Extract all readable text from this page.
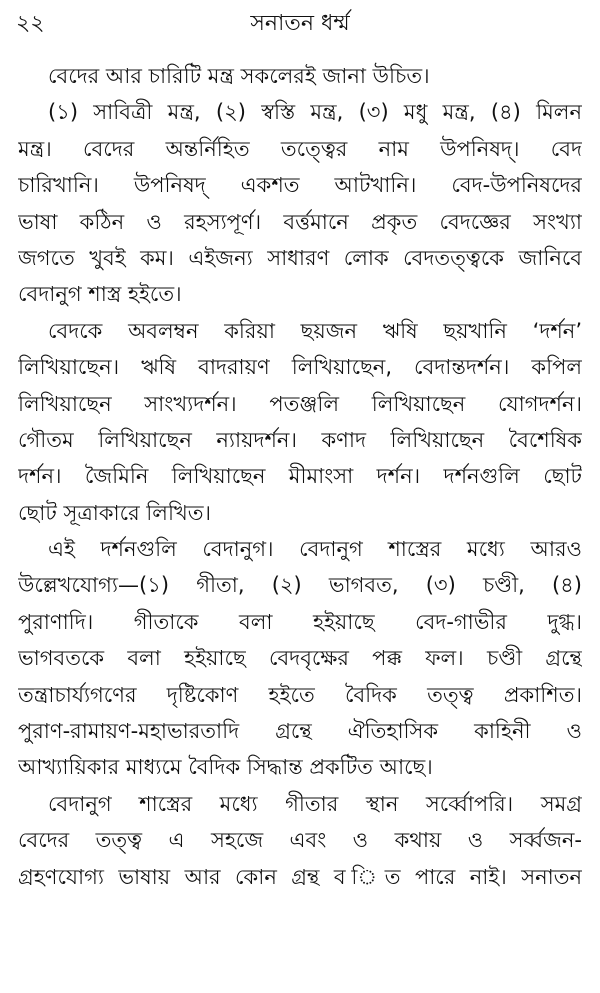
২২	সনাতন ধর্ম্ম
বেদের আর চারিটি মন্ত্র সকলেরই জানা উচিত।
(১) সাবিত্রী মন্ত্র, (২) স্বস্তি মন্ত্র, (৩) মধু মন্ত্র, (৪) মিলন
মন্ত্র। বেদের অন্তর্নিহিত তত্ত্বের নাম উপনিষদ্। বেদ
চারিখানি। উপনিষদ্ একশত আটখানি। বেদ-উপনিষদের
ভাষা কঠিন ও রহস্যপূর্ণ। বর্ত্তমানে প্রকৃত বেদজ্ঞের সংখ্যা
জগতে খুবই কম। এইজন্য সাধারণ লোক বেদতত্ত্বকে জানিবে
বেদানুগ শাস্ত্র হইতে।
বেদকে অবলম্বন করিয়া ছয়জন ঋষি ছয়খানি ‘দর্শন’
লিখিয়াছেন। ঋষি বাদরায়ণ লিখিয়াছেন, বেদান্তদর্শন। কপিল
লিখিয়াছেন সাংখ্যদর্শন। পতঞ্জলি লিখিয়াছেন যোগদর্শন।
গৌতম লিখিয়াছেন ন্যায়দর্শন। কণাদ লিখিয়াছেন বৈশেষিক
দর্শন। জৈমিনি লিখিয়াছেন মীমাংসা দর্শন। দর্শনগুলি ছোট
ছোট সূত্রাকারে লিখিত।
এই দর্শনগুলি বেদানুগ। বেদানুগ শাস্ত্রের মধ্যে আরও
উল্লেখযোগ্য—(১) গীতা, (২) ভাগবত, (৩) চণ্ডী, (৪)
পুরাণাদি। গীতাকে বলা হইয়াছে বেদ-গাভীর দুগ্ধ।
ভাগবতকে বলা হইয়াছে বেদবৃক্ষের পক্ক ফল। চণ্ডী গ্রন্থে
তন্ত্রাচার্য্যগণের দৃষ্টিকোণ হইতে বৈদিক তত্ত্ব প্রকাশিত।
পুরাণ-রামায়ণ-মহাভারতাদি গ্রন্থে ঐতিহাসিক কাহিনী ও
আখ্যায়িকার মাধ্যমে বৈদিক সিদ্ধান্ত প্রকটিত আছে।
বেদানুগ শাস্ত্রের মধ্যে গীতার স্থান সর্ব্বোপরি। সমগ্র
বেদের তত্ত্ব এ সহজে এবং ও কথায় ও সর্ব্বজন-
গ্রহণযোগ্য ভাষায় আর কোন গ্রন্থ ব িত পারে নাই। সনাতন
